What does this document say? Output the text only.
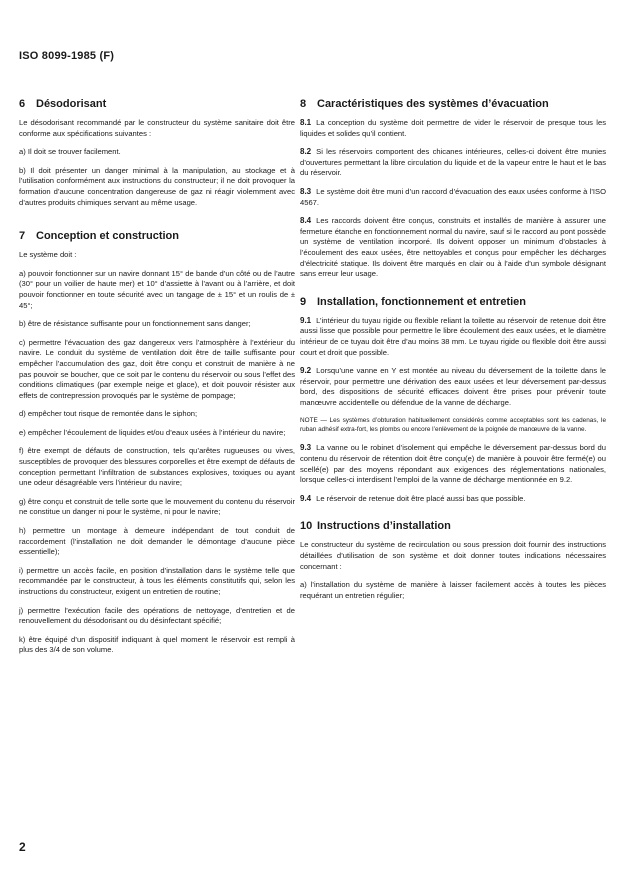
ISO 8099-1985 (F)
6 Désodorisant

Le désodorisant recommandé par le constructeur du système sanitaire doit être conforme aux spécifications suivantes :

a) Il doit se trouver facilement.

b) Il doit présenter un danger minimal à la manipulation, au stockage et à l’utilisation conformément aux instructions du constructeur; il ne doit provoquer la formation d’aucune concentration dangereuse de gaz ni réagir violemment avec d’autres produits chimiques servant au même usage.

7 Conception et construction

Le système doit :

a) pouvoir fonctionner sur un navire donnant 15° de bande d’un côté ou de l’autre (30° pour un voilier de haute mer) et 10° d’assiette à l’avant ou à l’arrière, et doit pouvoir fonctionner en toute sécurité avec un tangage de ± 15° et un roulis de ± 45°;

b) être de résistance suffisante pour un fonctionnement sans danger;

c) permettre l’évacuation des gaz dangereux vers l’atmosphère à l’extérieur du navire. Le conduit du système de ventilation doit être de taille suffisante pour empêcher l’accumulation des gaz, doit être conçu et construit de manière à ne pas pouvoir se boucher, que ce soit par le contenu du réservoir ou sous l’effet des conditions climatiques (par exemple neige et glace), et doit pouvoir résister aux effets de contrepression provoqués par le système de pompage;

d) empêcher tout risque de remontée dans le siphon;

e) empêcher l’écoulement de liquides et/ou d’eaux usées à l’intérieur du navire;

f) être exempt de défauts de construction, tels qu’arêtes rugueuses ou vives, susceptibles de provoquer des blessures corporelles et être exempt de défauts de conception permettant l’infiltration de substances explosives, toxiques ou ayant une odeur désagréable vers l’intérieur du navire;

g) être conçu et construit de telle sorte que le mouvement du contenu du réservoir ne constitue un danger ni pour le système, ni pour le navire;

h) permettre un montage à demeure indépendant de tout conduit de raccordement (l’installation ne doit demander le démontage d’aucune pièce essentielle);

i) permettre un accès facile, en position d’installation dans le système telle que recommandée par le constructeur, à tous les éléments constitutifs qui, selon les instructions du constructeur, exigent un entretien de routine;

j) permettre l’exécution facile des opérations de nettoyage, d’entretien et de renouvellement du désodorisant ou du désinfectant spécifié;

k) être équipé d’un dispositif indiquant à quel moment le réservoir est rempli à plus des 3/4 de son volume.

8 Caractéristiques des systèmes d’évacuation

8.1 La conception du système doit permettre de vider le réservoir de presque tous les liquides et solides qu’il contient.

8.2 Si les réservoirs comportent des chicanes intérieures, celles-ci doivent être munies d’ouvertures permettant la libre circulation du liquide et de la vapeur entre le haut et le bas du réservoir.

8.3 Le système doit être muni d’un raccord d’évacuation des eaux usées conforme à l’ISO 4567.

8.4 Les raccords doivent être conçus, construits et installés de manière à assurer une fermeture étanche en fonctionnement normal du navire, sauf si le raccord au pont possède un système de ventilation incorporé. Ils doivent opposer un minimum d’obstacles à l’écoulement des eaux usées, être nettoyables et conçus pour empêcher les décharges d’électricité statique. Ils doivent être marqués en clair ou à l’aide d’un symbole désignant sans erreur leur usage.

9 Installation, fonctionnement et entretien

9.1 L’intérieur du tuyau rigide ou flexible reliant la toilette au réservoir de retenue doit être aussi lisse que possible pour permettre le libre écoulement des eaux usées, et le diamètre intérieur de ce tuyau doit être d’au moins 38 mm. Le tuyau rigide ou flexible doit être aussi court et droit que possible.

9.2 Lorsqu’une vanne en Y est montée au niveau du déversement de la toilette dans le réservoir, pour permettre une dérivation des eaux usées et leur déversement par-dessus bord, des dispositions de sécurité efficaces doivent être prises pour prévenir toute manœuvre accidentelle ou défendue de la vanne de décharge.

NOTE — Les systèmes d’obturation habituellement considérés comme acceptables sont les cadenas, le ruban adhésif extra-fort, les plombs ou encore l’enlèvement de la poignée de manœuvre de la vanne.

9.3 La vanne ou le robinet d’isolement qui empêche le déversement par-dessus bord du contenu du réservoir de rétention doit être conçu(e) de manière à pouvoir être fermé(e) ou scellé(e) par des moyens répondant aux exigences des réglementations nationales, lorsque celles-ci interdisent l’emploi de la vanne de décharge mentionnée en 9.2.

9.4 Le réservoir de retenue doit être placé aussi bas que possible.

10 Instructions d’installation

Le constructeur du système de recirculation ou sous pression doit fournir des instructions détaillées d’utilisation de son système et doit donner toutes indications nécessaires concernant :

a) l’installation du système de manière à laisser facilement accès à toutes les pièces requérant un entretien régulier;

2
